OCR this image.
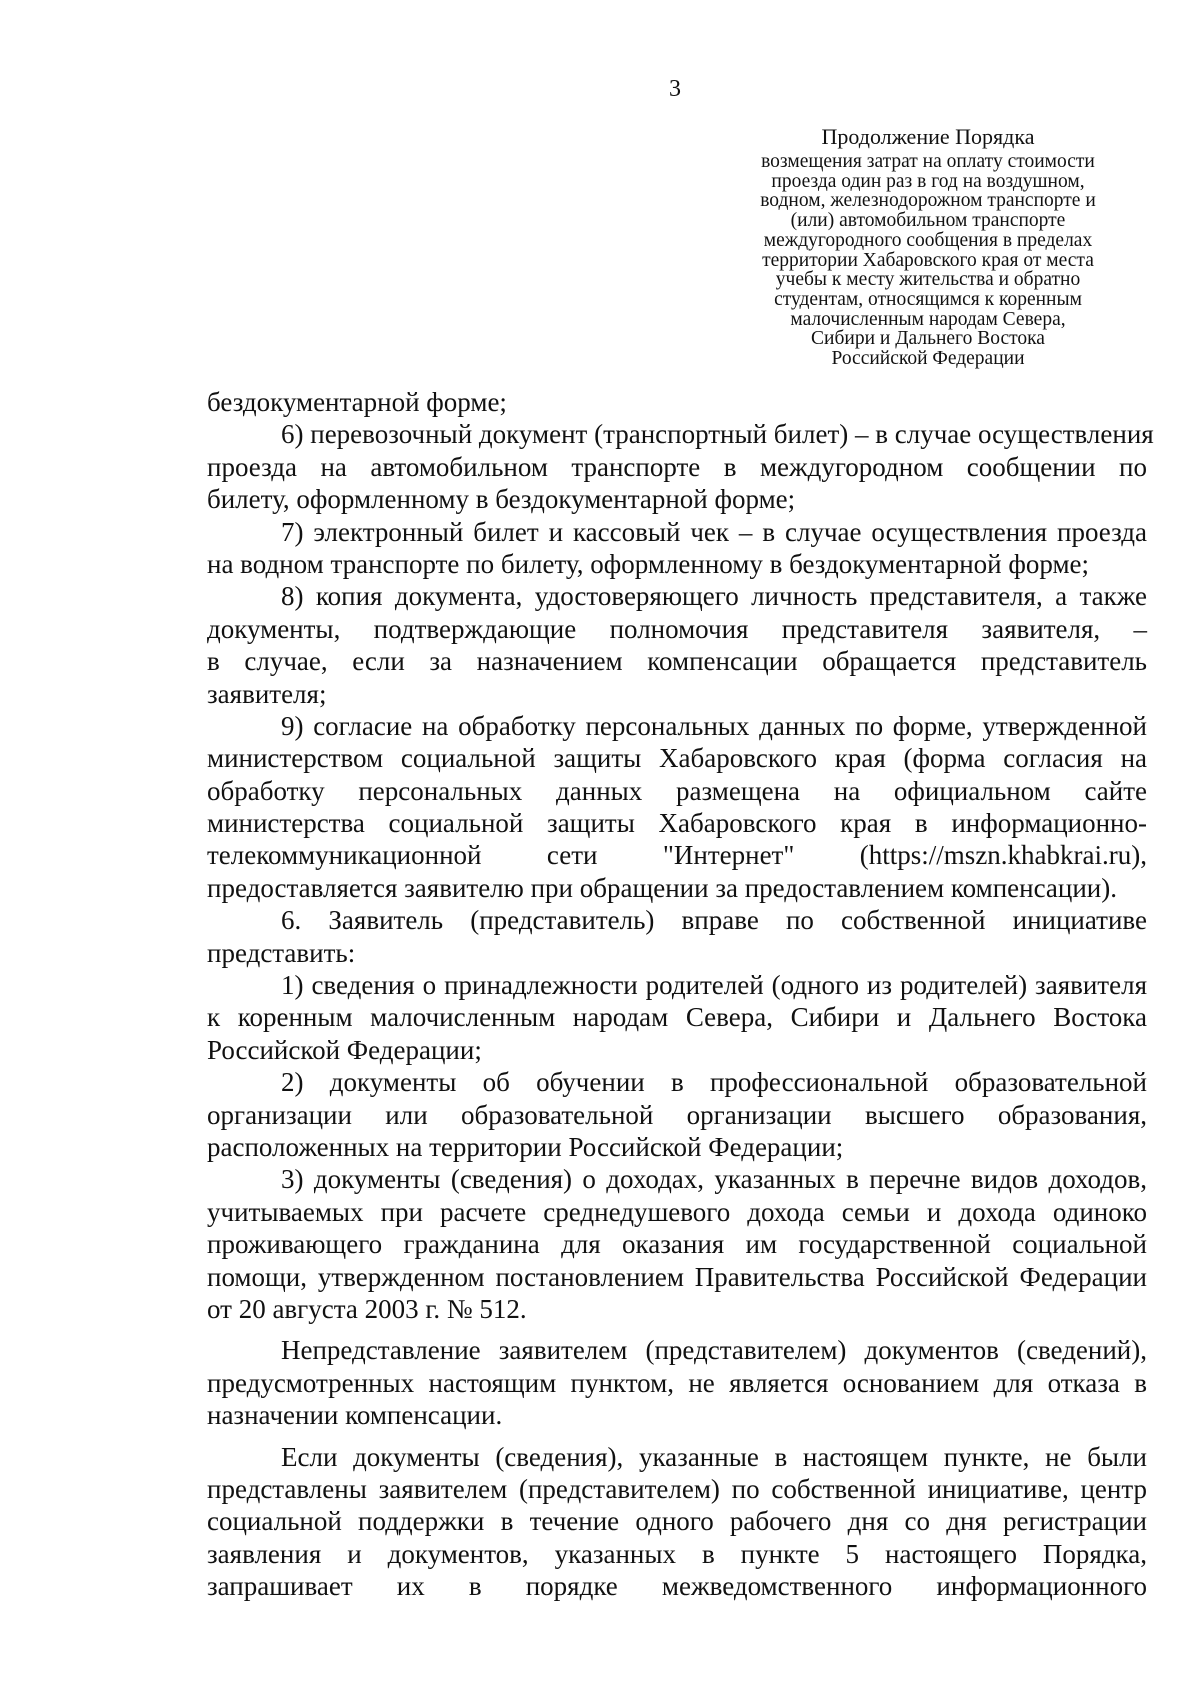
3
Продолжение Порядка
возмещения затрат на оплату стоимости
проезда один раз в год на воздушном,
водном, железнодорожном транспорте и
(или) автомобильном транспорте
междугородного сообщения в пределах
территории Хабаровского края от места
учебы к месту жительства и обратно
студентам, относящимся к коренным
малочисленным народам Севера,
Сибири и Дальнего Востока
Российской Федерации
бездокументарной форме;
6) перевозочный документ (транспортный билет) – в случае осуществления
проезда на автомобильном транспорте в междугородном сообщении по
билету, оформленному в бездокументарной форме;
7) электронный билет и кассовый чек – в случае осуществления проезда
на водном транспорте по билету, оформленному в бездокументарной форме;
8) копия документа, удостоверяющего личность представителя, а также
документы, подтверждающие полномочия представителя заявителя, –
в случае, если за назначением компенсации обращается представитель
заявителя;
9) согласие на обработку персональных данных по форме, утвержденной
министерством социальной защиты Хабаровского края (форма согласия на
обработку персональных данных размещена на официальном сайте
министерства социальной защиты Хабаровского края в информационно-
телекоммуникационной сети "Интернет" (https://mszn.khabkrai.ru),
предоставляется заявителю при обращении за предоставлением компенсации).
6. Заявитель (представитель) вправе по собственной инициативе
представить:
1) сведения о принадлежности родителей (одного из родителей) заявителя
к коренным малочисленным народам Севера, Сибири и Дальнего Востока
Российской Федерации;
2) документы об обучении в профессиональной образовательной
организации или образовательной организации высшего образования,
расположенных на территории Российской Федерации;
3) документы (сведения) о доходах, указанных в перечне видов доходов,
учитываемых при расчете среднедушевого дохода семьи и дохода одиноко
проживающего гражданина для оказания им государственной социальной
помощи, утвержденном постановлением Правительства Российской Федерации
от 20 августа 2003 г. № 512.
Непредставление заявителем (представителем) документов (сведений),
предусмотренных настоящим пунктом, не является основанием для отказа в
назначении компенсации.
Если документы (сведения), указанные в настоящем пункте, не были
представлены заявителем (представителем) по собственной инициативе, центр
социальной поддержки в течение одного рабочего дня со дня регистрации
заявления и документов, указанных в пункте 5 настоящего Порядка,
запрашивает их в порядке межведомственного информационного
